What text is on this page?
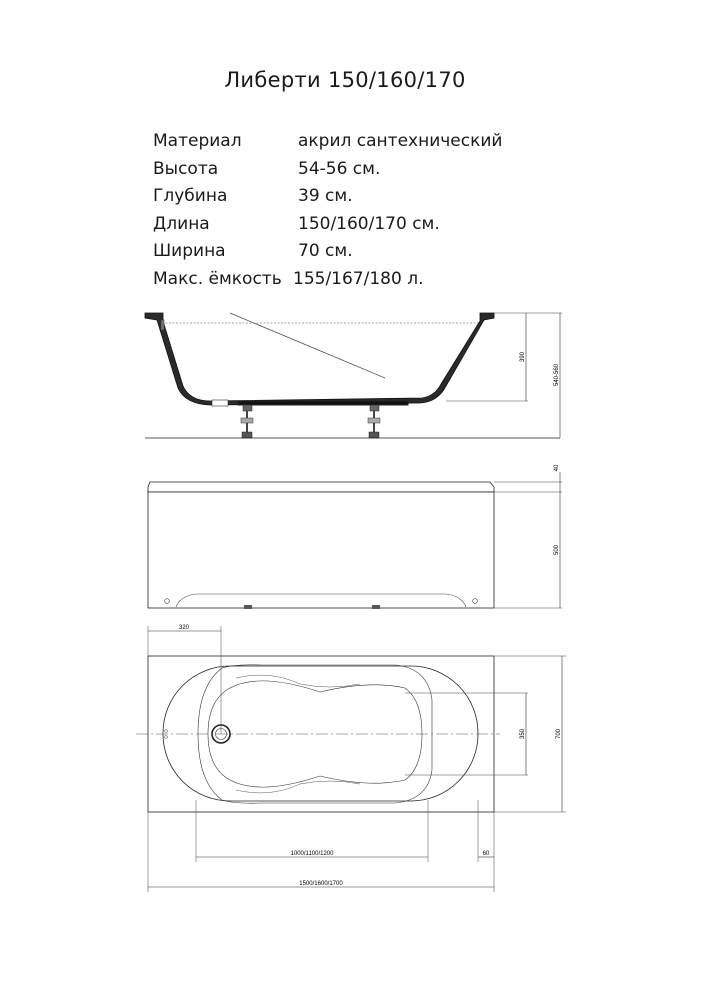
Либерти 150/160/170
Материал	акрил сантехнический
Высота	54-56 см.
Глубина	39 см.
Длина	150/160/170 см.
Ширина	70 см.
Макс. ёмкость 155/167/180 л.
390
540-560
40
500
320
350	700
1000/1100/1200	60
1500/1600/1700
